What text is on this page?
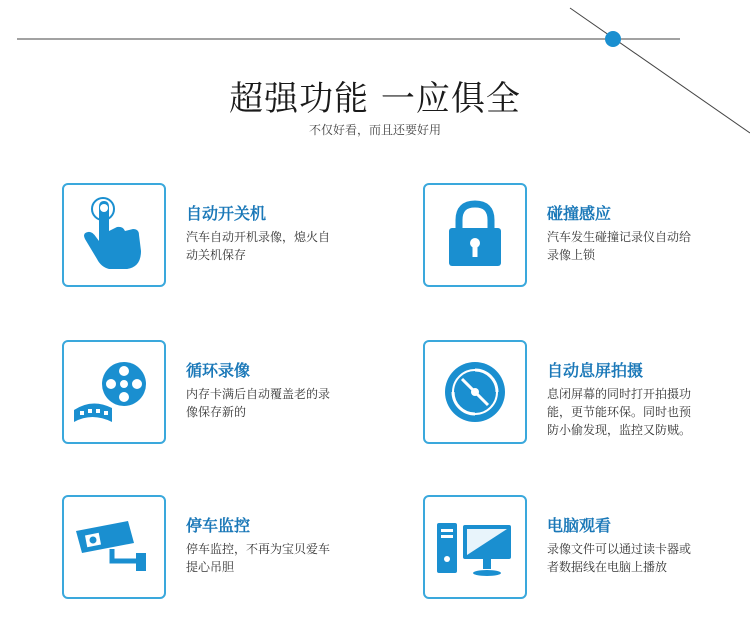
超强功能 一应俱全
不仅好看，而且还要好用
自动开关机
汽车自动开机录像，熄火自动关机保存
碰撞感应
汽车发生碰撞记录仪自动给录像上锁
循环录像
内存卡满后自动覆盖老的录像保存新的
自动息屏拍摄
息闭屏幕的同时打开拍摄功能，更节能环保。同时也预防小偷发现，监控又防贼。
停车监控
停车监控，不再为宝贝爱车提心吊胆
电脑观看
录像文件可以通过读卡器或者数据线在电脑上播放
